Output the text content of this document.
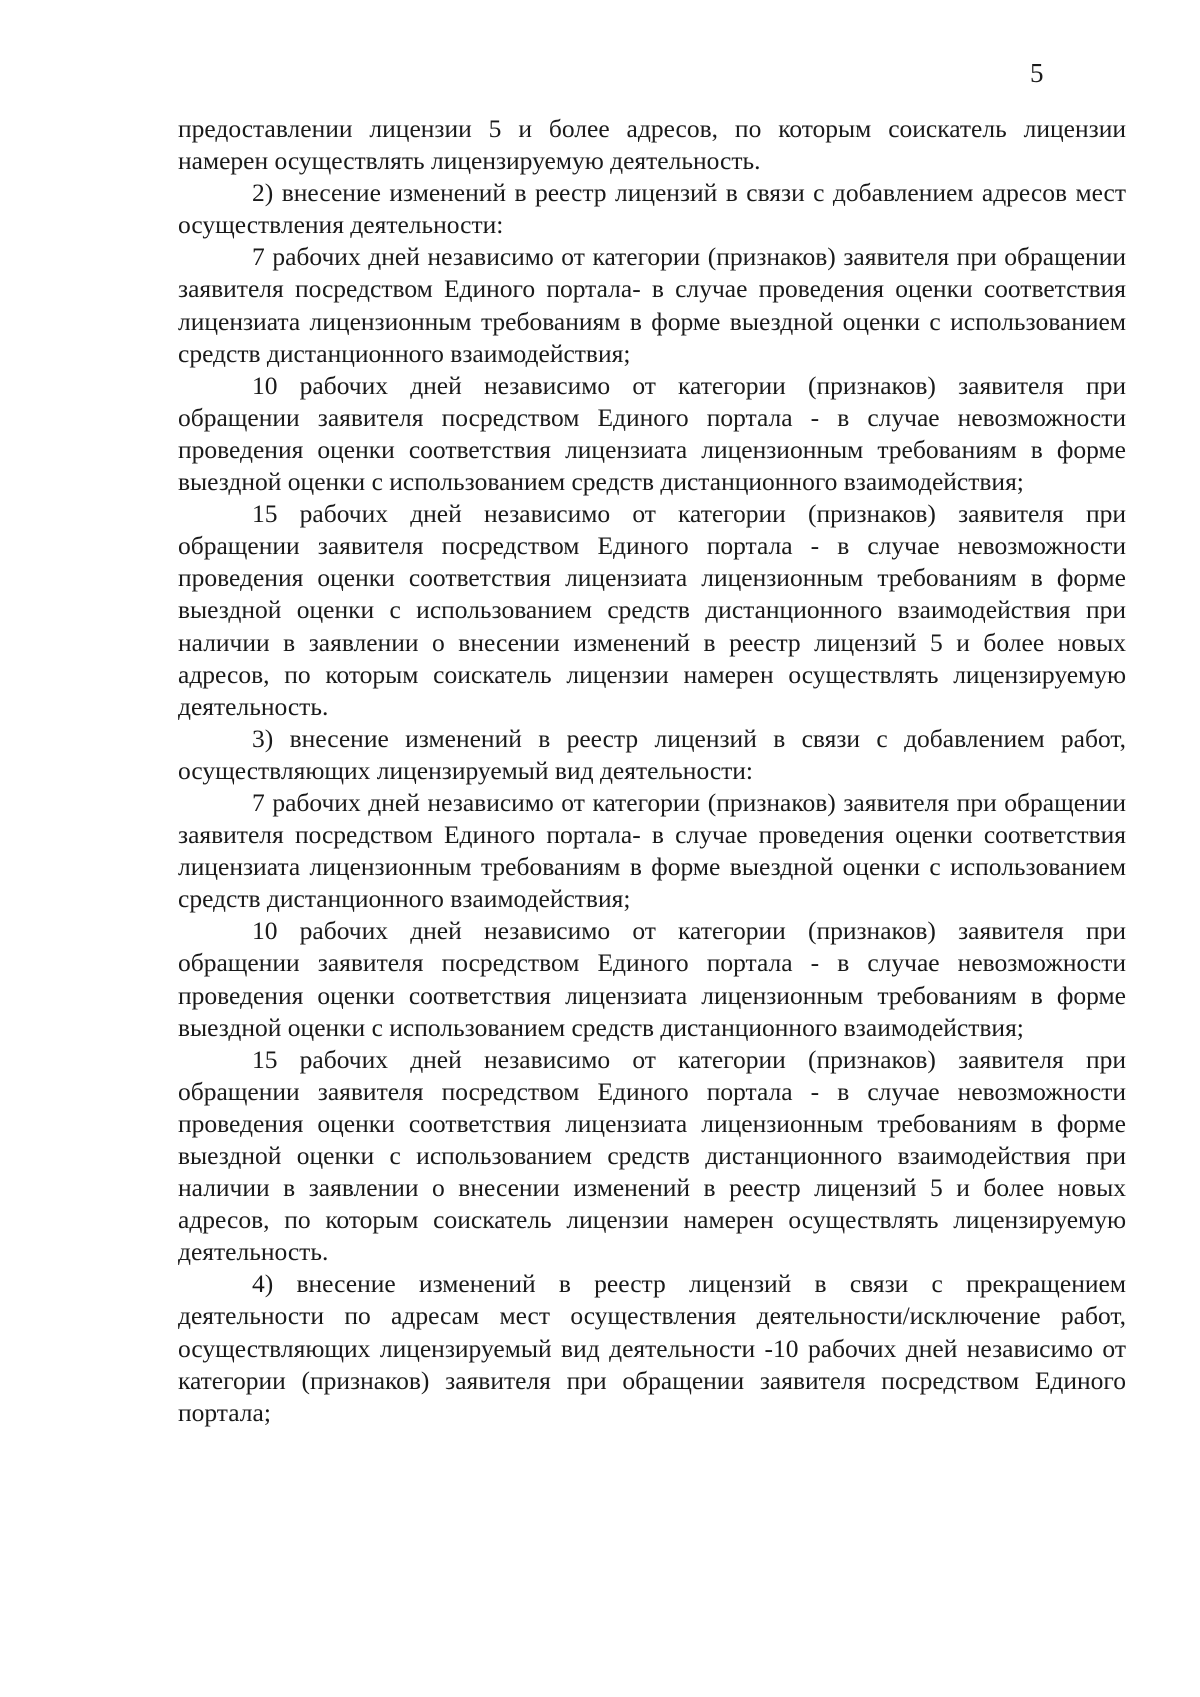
5

предоставлении лицензии 5 и более адресов, по которым соискатель лицензии намерен осуществлять лицензируемую деятельность.

2) внесение изменений в реестр лицензий в связи с добавлением адресов мест осуществления деятельности:

7 рабочих дней независимо от категории (признаков) заявителя при обращении заявителя посредством Единого портала- в случае проведения оценки соответствия лицензиата лицензионным требованиям в форме выездной оценки с использованием средств дистанционного взаимодействия;

10 рабочих дней независимо от категории (признаков) заявителя при обращении заявителя посредством Единого портала - в случае невозможности проведения оценки соответствия лицензиата лицензионным требованиям в форме выездной оценки с использованием средств дистанционного взаимодействия;

15 рабочих дней независимо от категории (признаков) заявителя при обращении заявителя посредством Единого портала - в случае невозможности проведения оценки соответствия лицензиата лицензионным требованиям в форме выездной оценки с использованием средств дистанционного взаимодействия при наличии в заявлении о внесении изменений в реестр лицензий 5 и более новых адресов, по которым соискатель лицензии намерен осуществлять лицензируемую деятельность.

3) внесение изменений в реестр лицензий в связи с добавлением работ, осуществляющих лицензируемый вид деятельности:

7 рабочих дней независимо от категории (признаков) заявителя при обращении заявителя посредством Единого портала- в случае проведения оценки соответствия лицензиата лицензионным требованиям в форме выездной оценки с использованием средств дистанционного взаимодействия;

10 рабочих дней независимо от категории (признаков) заявителя при обращении заявителя посредством Единого портала - в случае невозможности проведения оценки соответствия лицензиата лицензионным требованиям в форме выездной оценки с использованием средств дистанционного взаимодействия;

15 рабочих дней независимо от категории (признаков) заявителя при обращении заявителя посредством Единого портала - в случае невозможности проведения оценки соответствия лицензиата лицензионным требованиям в форме выездной оценки с использованием средств дистанционного взаимодействия при наличии в заявлении о внесении изменений в реестр лицензий 5 и более новых адресов, по которым соискатель лицензии намерен осуществлять лицензируемую деятельность.

4) внесение изменений в реестр лицензий в связи с прекращением деятельности по адресам мест осуществления деятельности/исключение работ, осуществляющих лицензируемый вид деятельности -10 рабочих дней независимо от категории (признаков) заявителя при обращении заявителя посредством Единого портала;
